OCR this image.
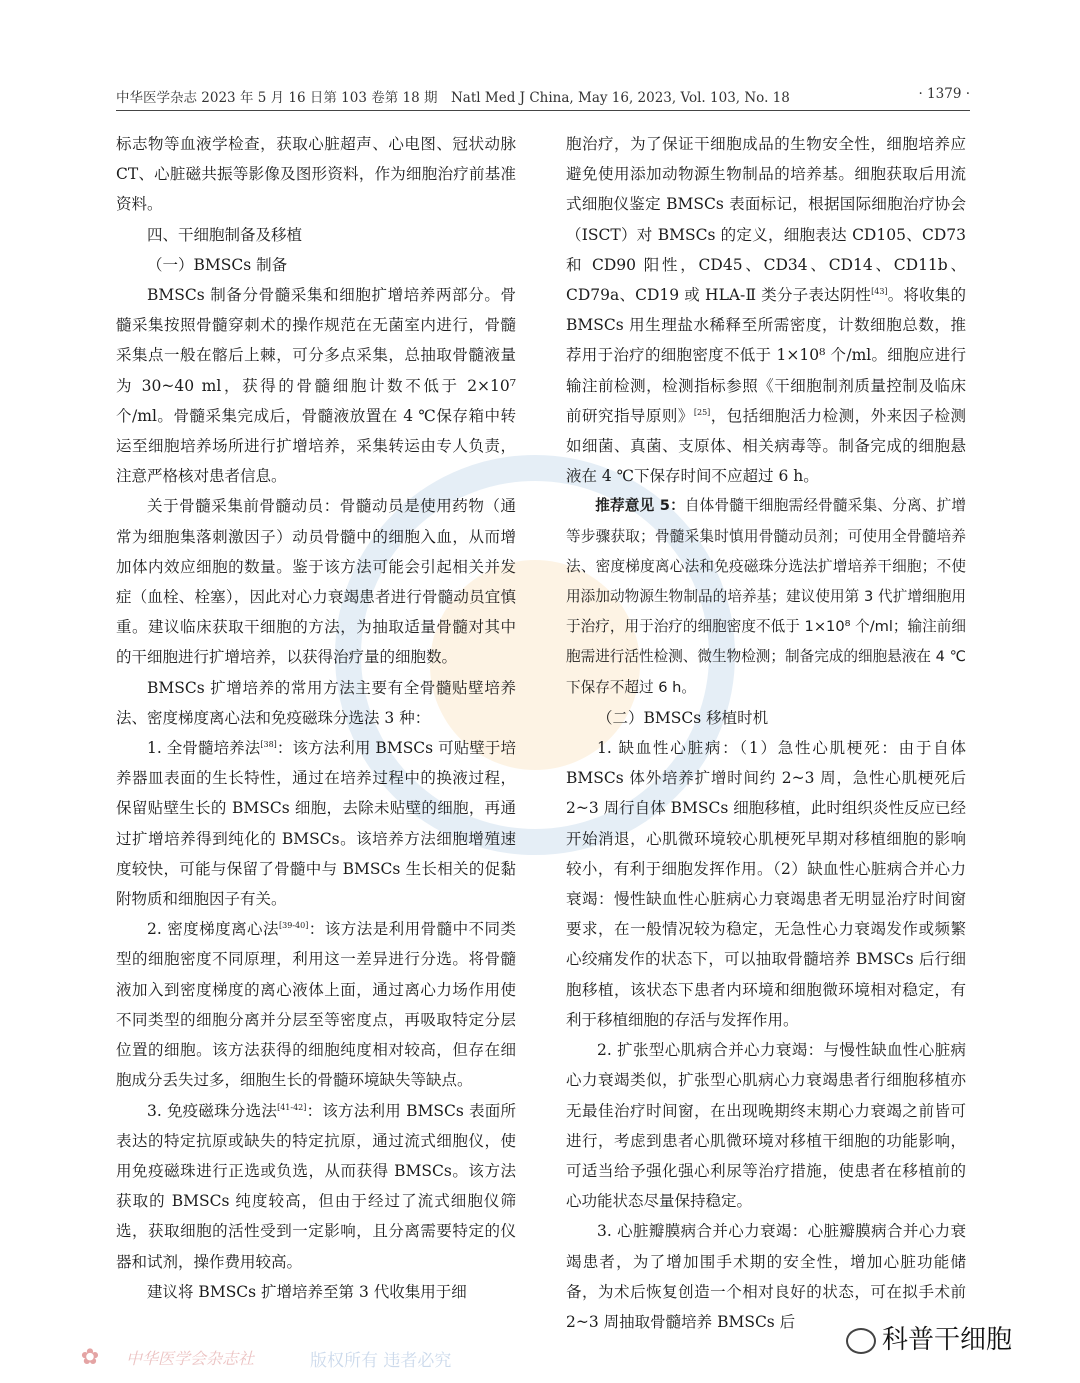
中华医学杂志 2023 年 5 月 16 日第 103 卷第 18 期　Natl Med J China, May 16, 2023, Vol. 103, No. 18	· 1379 ·

标志物等血液学检查，获取心脏超声、心电图、冠状动脉CT、心脏磁共振等影像及图形资料，作为细胞治疗前基准资料。

四、干细胞制备及移植

（一）BMSCs 制备

BMSCs 制备分骨髓采集和细胞扩增培养两部分。骨髓采集按照骨髓穿刺术的操作规范在无菌室内进行，骨髓采集点一般在髂后上棘，可分多点采集，总抽取骨髓液量为 30~40 ml，获得的骨髓细胞计数不低于 2×10⁷ 个/ml。骨髓采集完成后，骨髓液放置在 4 ℃保存箱中转运至细胞培养场所进行扩增培养，采集转运由专人负责，注意严格核对患者信息。

关于骨髓采集前骨髓动员：骨髓动员是使用药物（通常为细胞集落刺激因子）动员骨髓中的细胞入血，从而增加体内效应细胞的数量。鉴于该方法可能会引起相关并发症（血栓、栓塞），因此对心力衰竭患者进行骨髓动员宜慎重。建议临床获取干细胞的方法，为抽取适量骨髓对其中的干细胞进行扩增培养，以获得治疗量的细胞数。

BMSCs 扩增培养的常用方法主要有全骨髓贴壁培养法、密度梯度离心法和免疫磁珠分选法 3 种：

1. 全骨髓培养法[38]：该方法利用 BMSCs 可贴壁于培养器皿表面的生长特性，通过在培养过程中的换液过程，保留贴壁生长的 BMSCs 细胞，去除未贴壁的细胞，再通过扩增培养得到纯化的 BMSCs。该培养方法细胞增殖速度较快，可能与保留了骨髓中与 BMSCs 生长相关的促黏附物质和细胞因子有关。

2. 密度梯度离心法[39-40]：该方法是利用骨髓中不同类型的细胞密度不同原理，利用这一差异进行分选。将骨髓液加入到密度梯度的离心液体上面，通过离心力场作用使不同类型的细胞分离并分层至等密度点，再吸取特定分层位置的细胞。该方法获得的细胞纯度相对较高，但存在细胞成分丢失过多，细胞生长的骨髓环境缺失等缺点。

3. 免疫磁珠分选法[41-42]：该方法利用 BMSCs 表面所表达的特定抗原或缺失的特定抗原，通过流式细胞仪，使用免疫磁珠进行正选或负选，从而获得 BMSCs。该方法获取的 BMSCs 纯度较高，但由于经过了流式细胞仪筛选，获取细胞的活性受到一定影响，且分离需要特定的仪器和试剂，操作费用较高。

建议将 BMSCs 扩增培养至第 3 代收集用于细

胞治疗，为了保证干细胞成品的生物安全性，细胞培养应避免使用添加动物源生物制品的培养基。细胞获取后用流式细胞仪鉴定 BMSCs 表面标记，根据国际细胞治疗协会（ISCT）对 BMSCs 的定义，细胞表达 CD105、CD73 和 CD90 阳性，CD45、CD34、CD14、CD11b、CD79a、CD19 或 HLA-Ⅱ 类分子表达阴性[43]。将收集的 BMSCs 用生理盐水稀释至所需密度，计数细胞总数，推荐用于治疗的细胞密度不低于 1×10⁸ 个/ml。细胞应进行输注前检测，检测指标参照《干细胞制剂质量控制及临床前研究指导原则》[25]，包括细胞活力检测，外来因子检测如细菌、真菌、支原体、相关病毒等。制备完成的细胞悬液在 4 ℃下保存时间不应超过 6 h。

推荐意见 5：自体骨髓干细胞需经骨髓采集、分离、扩增等步骤获取；骨髓采集时慎用骨髓动员剂；可使用全骨髓培养法、密度梯度离心法和免疫磁珠分选法扩增培养干细胞；不使用添加动物源生物制品的培养基；建议使用第 3 代扩增细胞用于治疗，用于治疗的细胞密度不低于 1×10⁸ 个/ml；输注前细胞需进行活性检测、微生物检测；制备完成的细胞悬液在 4 ℃下保存不超过 6 h。

（二）BMSCs 移植时机

1. 缺血性心脏病：（1）急性心肌梗死：由于自体 BMSCs 体外培养扩增时间约 2~3 周，急性心肌梗死后 2~3 周行自体 BMSCs 细胞移植，此时组织炎性反应已经开始消退，心肌微环境较心肌梗死早期对移植细胞的影响较小，有利于细胞发挥作用。（2）缺血性心脏病合并心力衰竭：慢性缺血性心脏病心力衰竭患者无明显治疗时间窗要求，在一般情况较为稳定，无急性心力衰竭发作或频繁心绞痛发作的状态下，可以抽取骨髓培养 BMSCs 后行细胞移植，该状态下患者内环境和细胞微环境相对稳定，有利于移植细胞的存活与发挥作用。

2. 扩张型心肌病合并心力衰竭：与慢性缺血性心脏病心力衰竭类似，扩张型心肌病心力衰竭患者行细胞移植亦无最佳治疗时间窗，在出现晚期终末期心力衰竭之前皆可进行，考虑到患者心肌微环境对移植干细胞的功能影响，可适当给予强化强心利尿等治疗措施，使患者在移植前的心功能状态尽量保持稳定。

3. 心脏瓣膜病合并心力衰竭：心脏瓣膜病合并心力衰竭患者，为了增加围手术期的安全性，增加心脏功能储备，为术后恢复创造一个相对良好的状态，可在拟手术前 2~3 周抽取骨髓培养 BMSCs 后

✿	中华医学会杂志社	版权所有 违者必究
科普干细胞
